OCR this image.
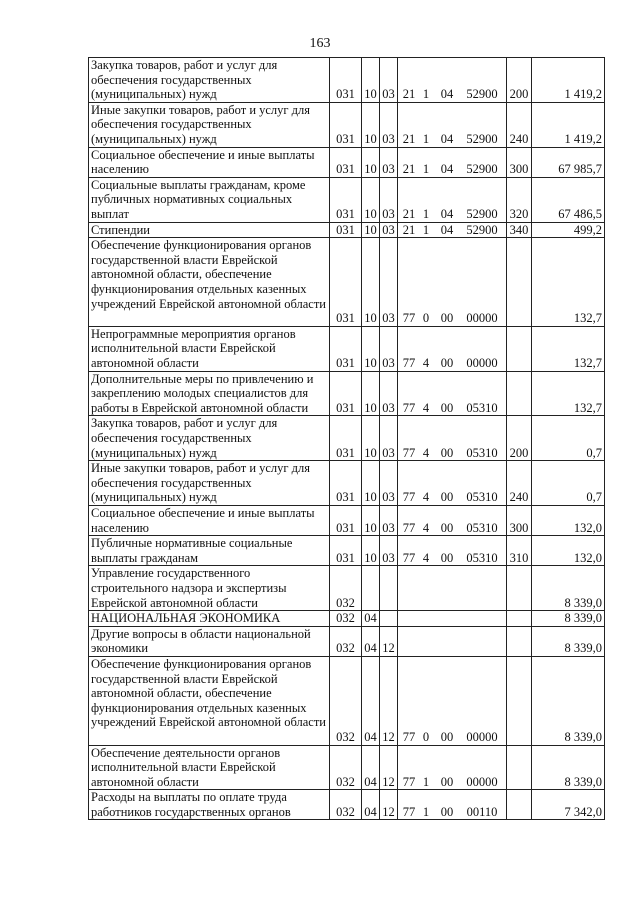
163
Закупка товаров, работ и услуг для обеспечения государственных (муниципальных) нужд	031	10	03	21 1 04 52900	200	1 419,2
Иные закупки товаров, работ и услуг для обеспечения государственных (муниципальных) нужд	031	10	03	21 1 04 52900	240	1 419,2
Социальное обеспечение и иные выплаты населению	031	10	03	21 1 04 52900	300	67 985,7
Социальные выплаты гражданам, кроме публичных нормативных социальных выплат	031	10	03	21 1 04 52900	320	67 486,5
Стипендии	031	10	03	21 1 04 52900	340	499,2
Обеспечение функционирования органов государственной власти Еврейской автономной области, обеспечение функционирования отдельных казенных учреждений Еврейской автономной области	031	10	03	77 0 00 00000		132,7
Непрограммные мероприятия органов исполнительной власти Еврейской автономной области	031	10	03	77 4 00 00000		132,7
Дополнительные меры по привлечению и закреплению молодых специалистов для работы в Еврейской автономной области	031	10	03	77 4 00 05310		132,7
Закупка товаров, работ и услуг для обеспечения государственных (муниципальных) нужд	031	10	03	77 4 00 05310	200	0,7
Иные закупки товаров, работ и услуг для обеспечения государственных (муниципальных) нужд	031	10	03	77 4 00 05310	240	0,7
Социальное обеспечение и иные выплаты населению	031	10	03	77 4 00 05310	300	132,0
Публичные нормативные социальные выплаты гражданам	031	10	03	77 4 00 05310	310	132,0
Управление государственного строительного надзора и экспертизы Еврейской автономной области	032					8 339,0
НАЦИОНАЛЬНАЯ ЭКОНОМИКА	032	04				8 339,0
Другие вопросы в области национальной экономики	032	04	12			8 339,0
Обеспечение функционирования органов государственной власти Еврейской автономной области, обеспечение функционирования отдельных казенных учреждений Еврейской автономной области	032	04	12	77 0 00 00000		8 339,0
Обеспечение деятельности органов исполнительной власти Еврейской автономной области	032	04	12	77 1 00 00000		8 339,0
Расходы на выплаты по оплате труда работников государственных органов	032	04	12	77 1 00 00110		7 342,0
